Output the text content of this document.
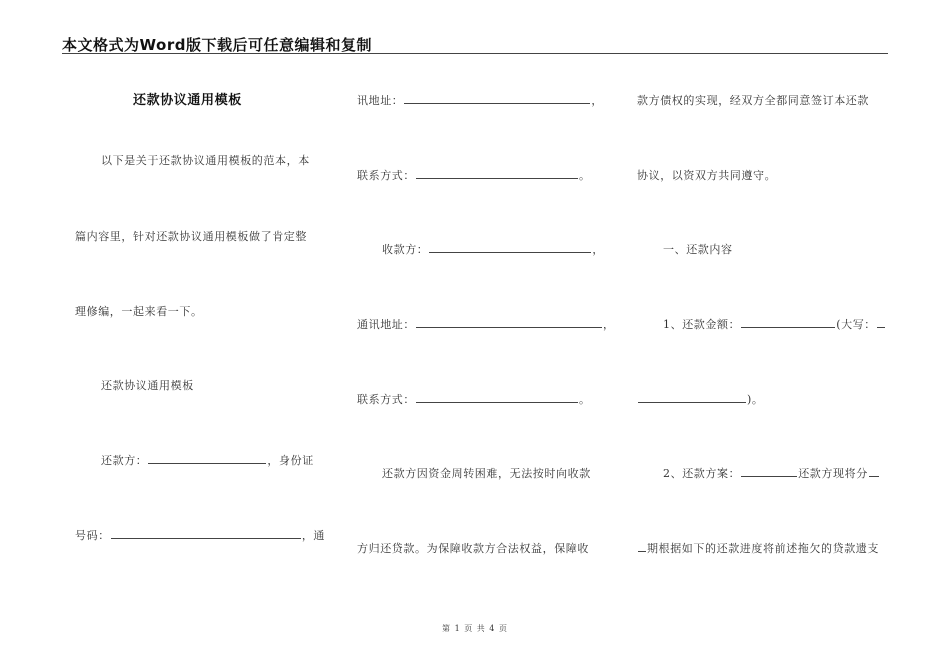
本文格式为Word版下载后可任意编辑和复制
还款协议通用模板
以下是关于还款协议通用模板的范本，本
篇内容里，针对还款协议通用模板做了肯定整
理修编，一起来看一下。
还款协议通用模板
还款方：	，身份证
号码：	，通
讯地址：	，
联系方式：	。
收款方：	，
通讯地址：	，
联系方式：	。
还款方因资金周转困难，无法按时向收款
方归还贷款。为保障收款方合法权益，保障收
款方债权的实现，经双方全都同意签订本还款
协议，以资双方共同遵守。
一、还款内容
1、还款金额：	(大写：
)。
2、还款方案：	还款方现将分
期根据如下的还款进度将前述拖欠的贷款遗支
第 1 页 共 4 页
